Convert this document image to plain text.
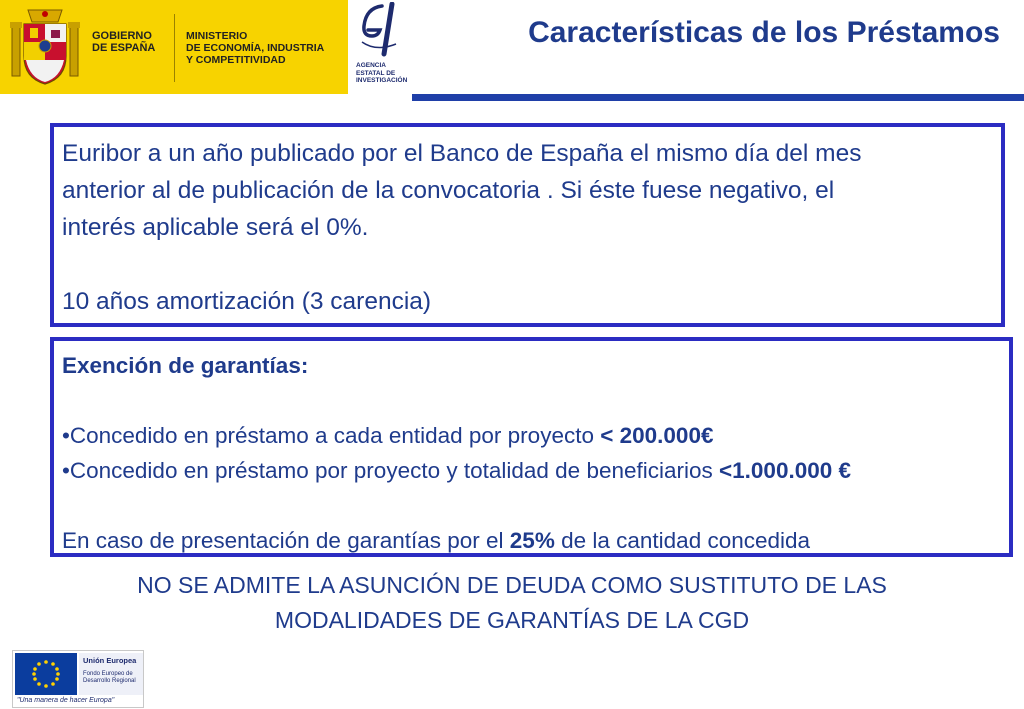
GOBIERNO
DE ESPAÑA
MINISTERIO
DE ECONOMÍA, INDUSTRIA
Y COMPETITIVIDAD	AGENCIA
ESTATAL DE
INVESTIGACIÓN
Características de los Préstamos
Euribor a un año publicado por el Banco de España el mismo día del mes
anterior al de publicación de la convocatoria . Si éste fuese negativo, el
interés aplicable será el 0%.
10 años amortización (3 carencia)
Exención de garantías:
•Concedido en préstamo a cada entidad por proyecto < 200.000€
•Concedido en préstamo por proyecto y totalidad de beneficiarios <1.000.000 €
En caso de presentación de garantías por el 25% de la cantidad concedida
NO SE ADMITE LA ASUNCIÓN DE DEUDA COMO SUSTITUTO DE LAS
MODALIDADES DE GARANTÍAS DE LA CGD
Unión Europea
Fondo Europeo de
Desarrollo Regional
"Una manera de hacer Europa"
